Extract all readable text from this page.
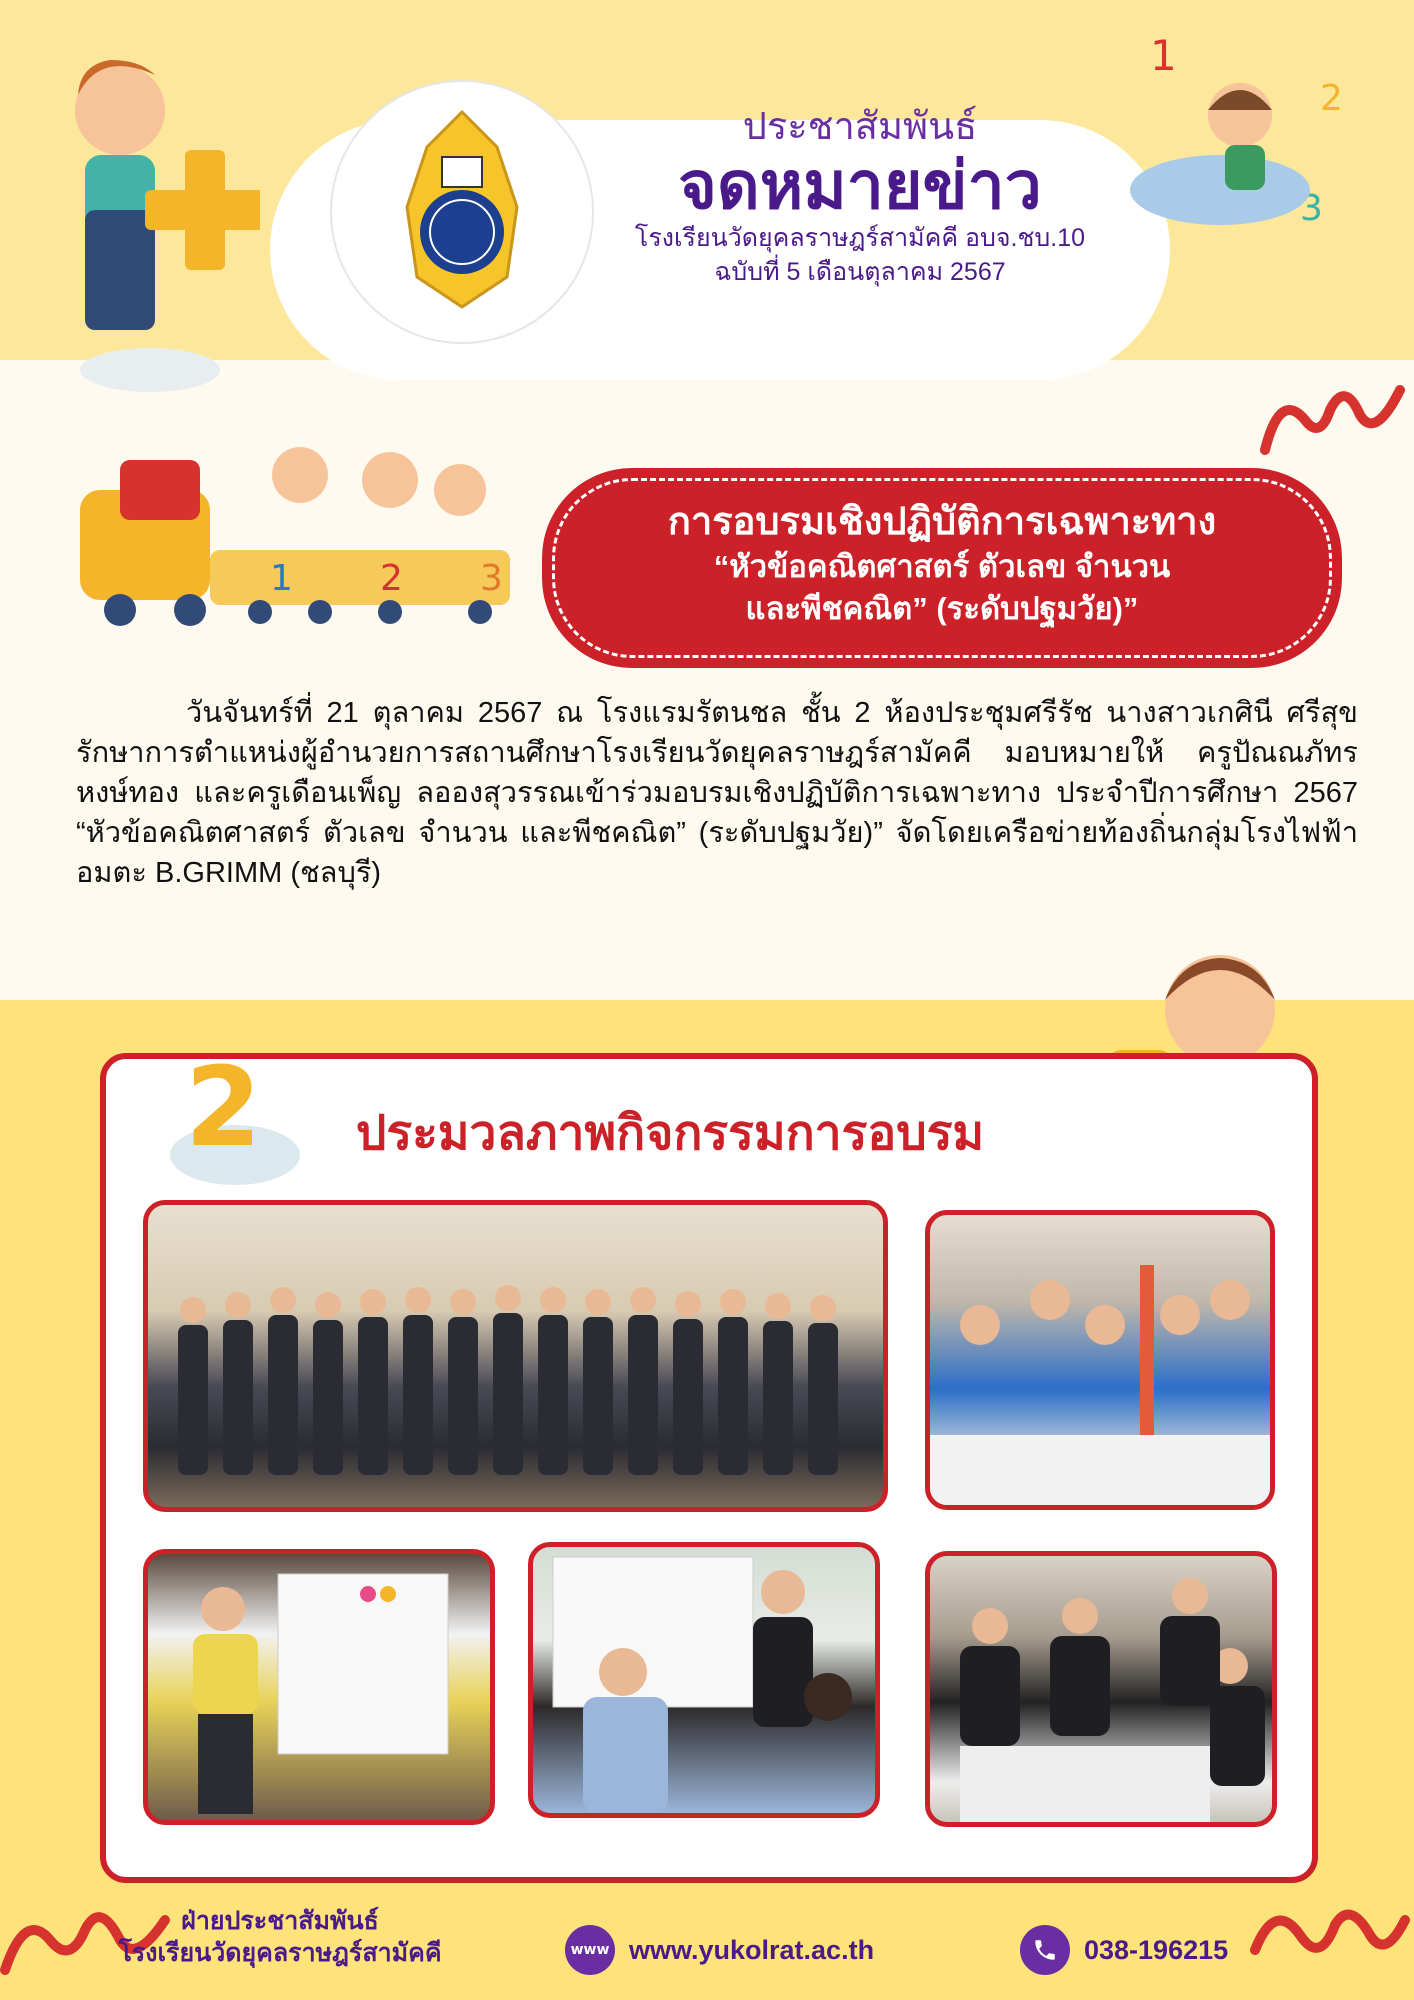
1
2
3
1 2 3
ประชาสัมพันธ์
จดหมายข่าว
โรงเรียนวัดยุคลราษฎร์สามัคคี อบจ.ชบ.10
ฉบับที่ 5 เดือนตุลาคม 2567
การอบรมเชิงปฏิบัติการเฉพาะทาง
“หัวข้อคณิตศาสตร์ ตัวเลข จำนวน
และพีชคณิต” (ระดับปฐมวัย)”
วันจันทร์ที่ 21 ตุลาคม 2567 ณ โรงแรมรัตนชล ชั้น 2 ห้องประชุมศรีรัช นางสาวเกศินี ศรีสุข รักษาการตำแหน่งผู้อำนวยการสถานศึกษาโรงเรียนวัดยุคลราษฎร์สามัคคี มอบหมายให้ ครูปัณณภัทร หงษ์ทอง และครูเดือนเพ็ญ ลอองสุวรรณเข้าร่วมอบรมเชิงปฏิบัติการเฉพาะทาง ประจำปีการศึกษา 2567 “หัวข้อคณิตศาสตร์ ตัวเลข จำนวน และพีชคณิต” (ระดับปฐมวัย)” จัดโดยเครือข่ายท้องถิ่นกลุ่มโรงไฟฟ้า อมตะ B.GRIMM (ชลบุรี)
2	ประมวลภาพกิจกรรมการอบรม
ฝ่ายประชาสัมพันธ์
โรงเรียนวัดยุคลราษฎร์สามัคคี	www www.yukolrat.ac.th	038-196215
